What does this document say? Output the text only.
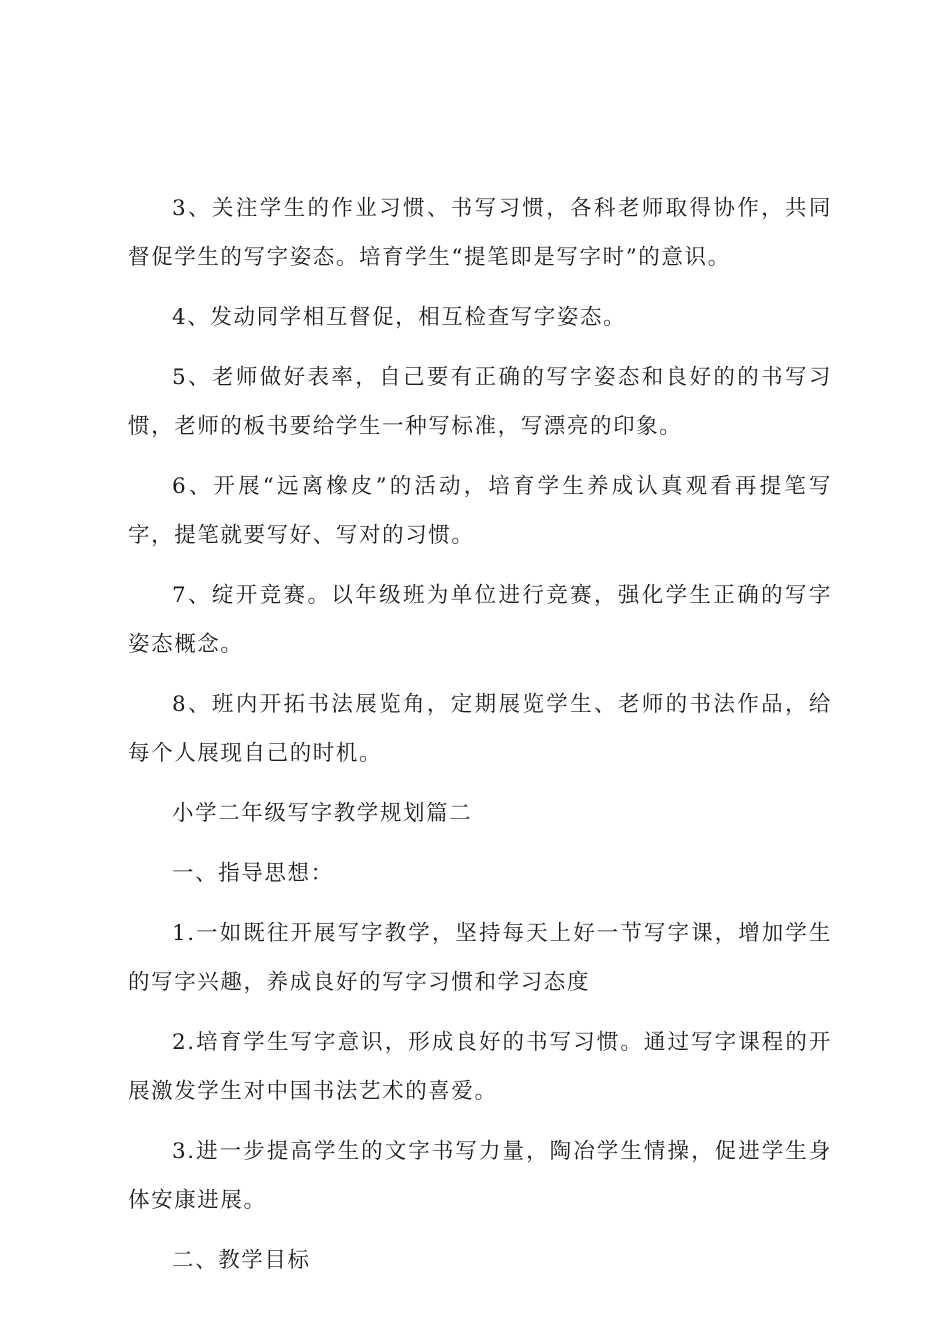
3、关注学生的作业习惯、书写习惯，各科老师取得协作，共同督促学生的写字姿态。培育学生“提笔即是写字时”的意识。

4、发动同学相互督促，相互检查写字姿态。

5、老师做好表率，自己要有正确的写字姿态和良好的的书写习惯，老师的板书要给学生一种写标准，写漂亮的印象。

6、开展“远离橡皮”的活动，培育学生养成认真观看再提笔写字，提笔就要写好、写对的习惯。

7、绽开竞赛。以年级班为单位进行竞赛，强化学生正确的写字姿态概念。

8、班内开拓书法展览角，定期展览学生、老师的书法作品，给每个人展现自己的时机。

小学二年级写字教学规划篇二

一、指导思想：

1.一如既往开展写字教学，坚持每天上好一节写字课，增加学生的写字兴趣，养成良好的写字习惯和学习态度

2.培育学生写字意识，形成良好的书写习惯。通过写字课程的开展激发学生对中国书法艺术的喜爱。

3.进一步提高学生的文字书写力量，陶冶学生情操，促进学生身体安康进展。

二、教学目标
